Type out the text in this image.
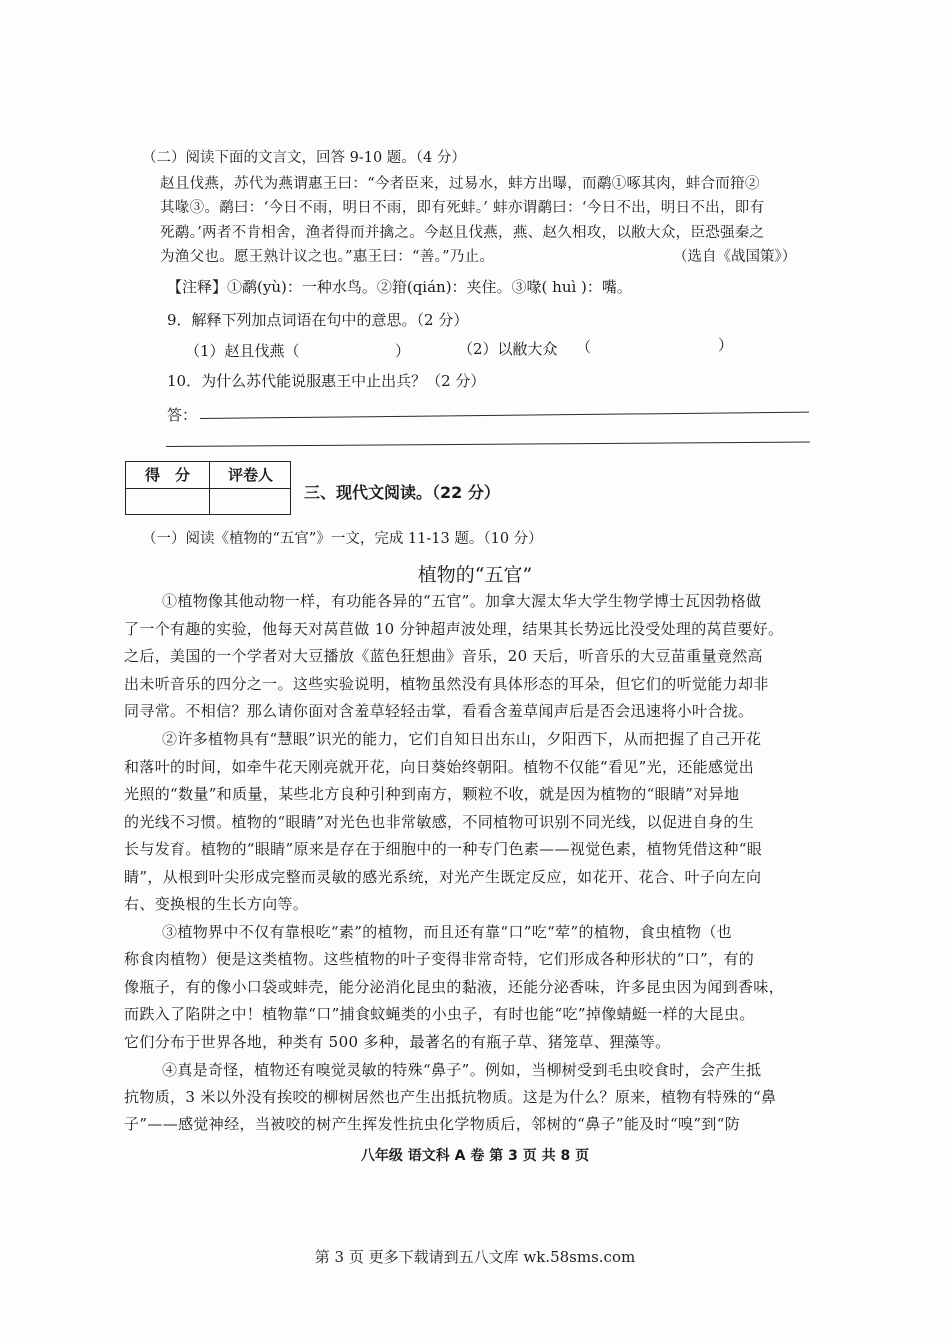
（二）阅读下面的文言文，回答 9-10 题。（4 分）
赵且伐燕，苏代为燕谓惠王曰：“今者臣来，过易水，蚌方出曝，而鹬①啄其肉，蚌合而箝②
其喙③。鹬曰：‘今日不雨，明日不雨，即有死蚌。’ 蚌亦谓鹬曰：‘今日不出，明日不出，即有
死鹬。’两者不肯相舍，渔者得而并擒之。今赵且伐燕，燕、赵久相攻，以敝大众，臣恐强秦之
为渔父也。愿王熟计议之也。”惠王曰：“善。”乃止。	（选自《战国策》）
【注释】①鹬(yù)：一种水鸟。②箝(qián)：夹住。③喙( huì )：嘴。
9．解释下列加点词语在句中的意思。（2 分）
（1）赵且伐燕（	）	（2）以敝大众 （	）
10．为什么苏代能说服惠王中止出兵？（2 分）
答：
得　分	评卷人
三、现代文阅读。（22 分）
（一）阅读《植物的“五官”》一文，完成 11-13 题。（10 分）
植物的“五官”
①植物像其他动物一样，有功能各异的“五官”。加拿大渥太华大学生物学博士瓦因勃格做
了一个有趣的实验，他每天对莴苣做 10 分钟超声波处理，结果其长势远比没受处理的莴苣要好。
之后，美国的一个学者对大豆播放《蓝色狂想曲》音乐，20 天后，听音乐的大豆苗重量竟然高
出未听音乐的四分之一。这些实验说明，植物虽然没有具体形态的耳朵，但它们的听觉能力却非
同寻常。不相信？那么请你面对含羞草轻轻击掌，看看含羞草闻声后是否会迅速将小叶合拢。
②许多植物具有“慧眼”识光的能力，它们自知日出东山，夕阳西下，从而把握了自己开花
和落叶的时间，如牵牛花天刚亮就开花，向日葵始终朝阳。植物不仅能“看见”光，还能感觉出
光照的“数量”和质量，某些北方良种引种到南方，颗粒不收，就是因为植物的“眼睛”对异地
的光线不习惯。植物的“眼睛”对光色也非常敏感，不同植物可识别不同光线，以促进自身的生
长与发育。植物的“眼睛”原来是存在于细胞中的一种专门色素——视觉色素，植物凭借这种“眼
睛”，从根到叶尖形成完整而灵敏的感光系统，对光产生既定反应，如花开、花合、叶子向左向
右、变换根的生长方向等。
③植物界中不仅有靠根吃“素”的植物，而且还有靠“口”吃“荤”的植物，食虫植物（也
称食肉植物）便是这类植物。这些植物的叶子变得非常奇特，它们形成各种形状的“口”，有的
像瓶子，有的像小口袋或蚌壳，能分泌消化昆虫的黏液，还能分泌香味，许多昆虫因为闻到香味，
而跌入了陷阱之中！植物靠“口”捕食蚊蝇类的小虫子，有时也能“吃”掉像蜻蜓一样的大昆虫。
它们分布于世界各地，种类有 500 多种，最著名的有瓶子草、猪笼草、狸藻等。
④真是奇怪，植物还有嗅觉灵敏的特殊“鼻子”。例如，当柳树受到毛虫咬食时，会产生抵
抗物质，3 米以外没有挨咬的柳树居然也产生出抵抗物质。这是为什么？原来，植物有特殊的“鼻
子”——感觉神经，当被咬的树产生挥发性抗虫化学物质后，邻树的“鼻子”能及时“嗅”到“防
八年级 语文科 A 卷 第 3 页 共 8 页
第 3 页 更多下载请到五八文库 wk.58sms.com
